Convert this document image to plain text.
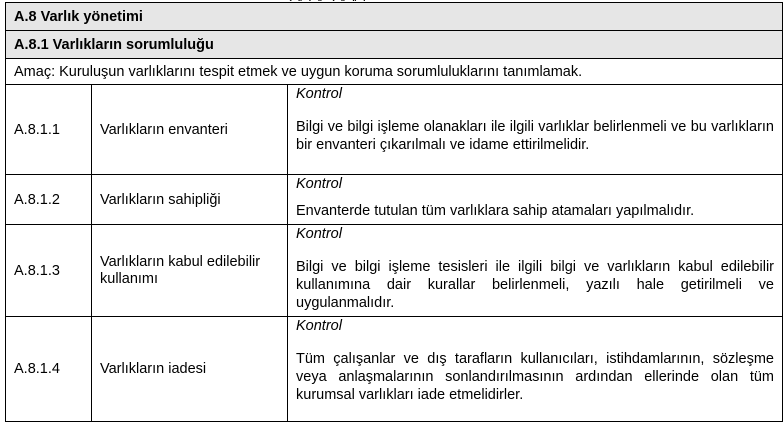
A.8 Varlık yönetimi		
A.8.1 Varlıkların sorumluluğu		
Amaç: Kuruluşun varlıklarını tespit etmek ve uygun koruma sorumluluklarını tanımlamak.		
A.8.1.1	Varlıkların envanteri	Kontrol
Bilgi ve bilgi işleme olanakları ile ilgili varlıklar belirlenmeli ve bu varlıkların bir envanteri çıkarılmalı ve idame ettirilmelidir.

A.8.1.2	Varlıkların sahipliği	Kontrol
Envanterde tutulan tüm varlıklara sahip atamaları yapılmalıdır.

A.8.1.3	Varlıkların kabul edilebilir kullanımı	Kontrol
Bilgi ve bilgi işleme tesisleri ile ilgili bilgi ve varlıkların kabul edilebilir kullanımına dair kurallar belirlenmeli, yazılı hale getirilmeli ve uygulanmalıdır.

A.8.1.4	Varlıkların iadesi	Kontrol
Tüm çalışanlar ve dış tarafların kullanıcıları, istihdamlarının, sözleşme veya anlaşmalarının sonlandırılmasının ardından ellerinde olan tüm kurumsal varlıkları iade etmelidirler.
